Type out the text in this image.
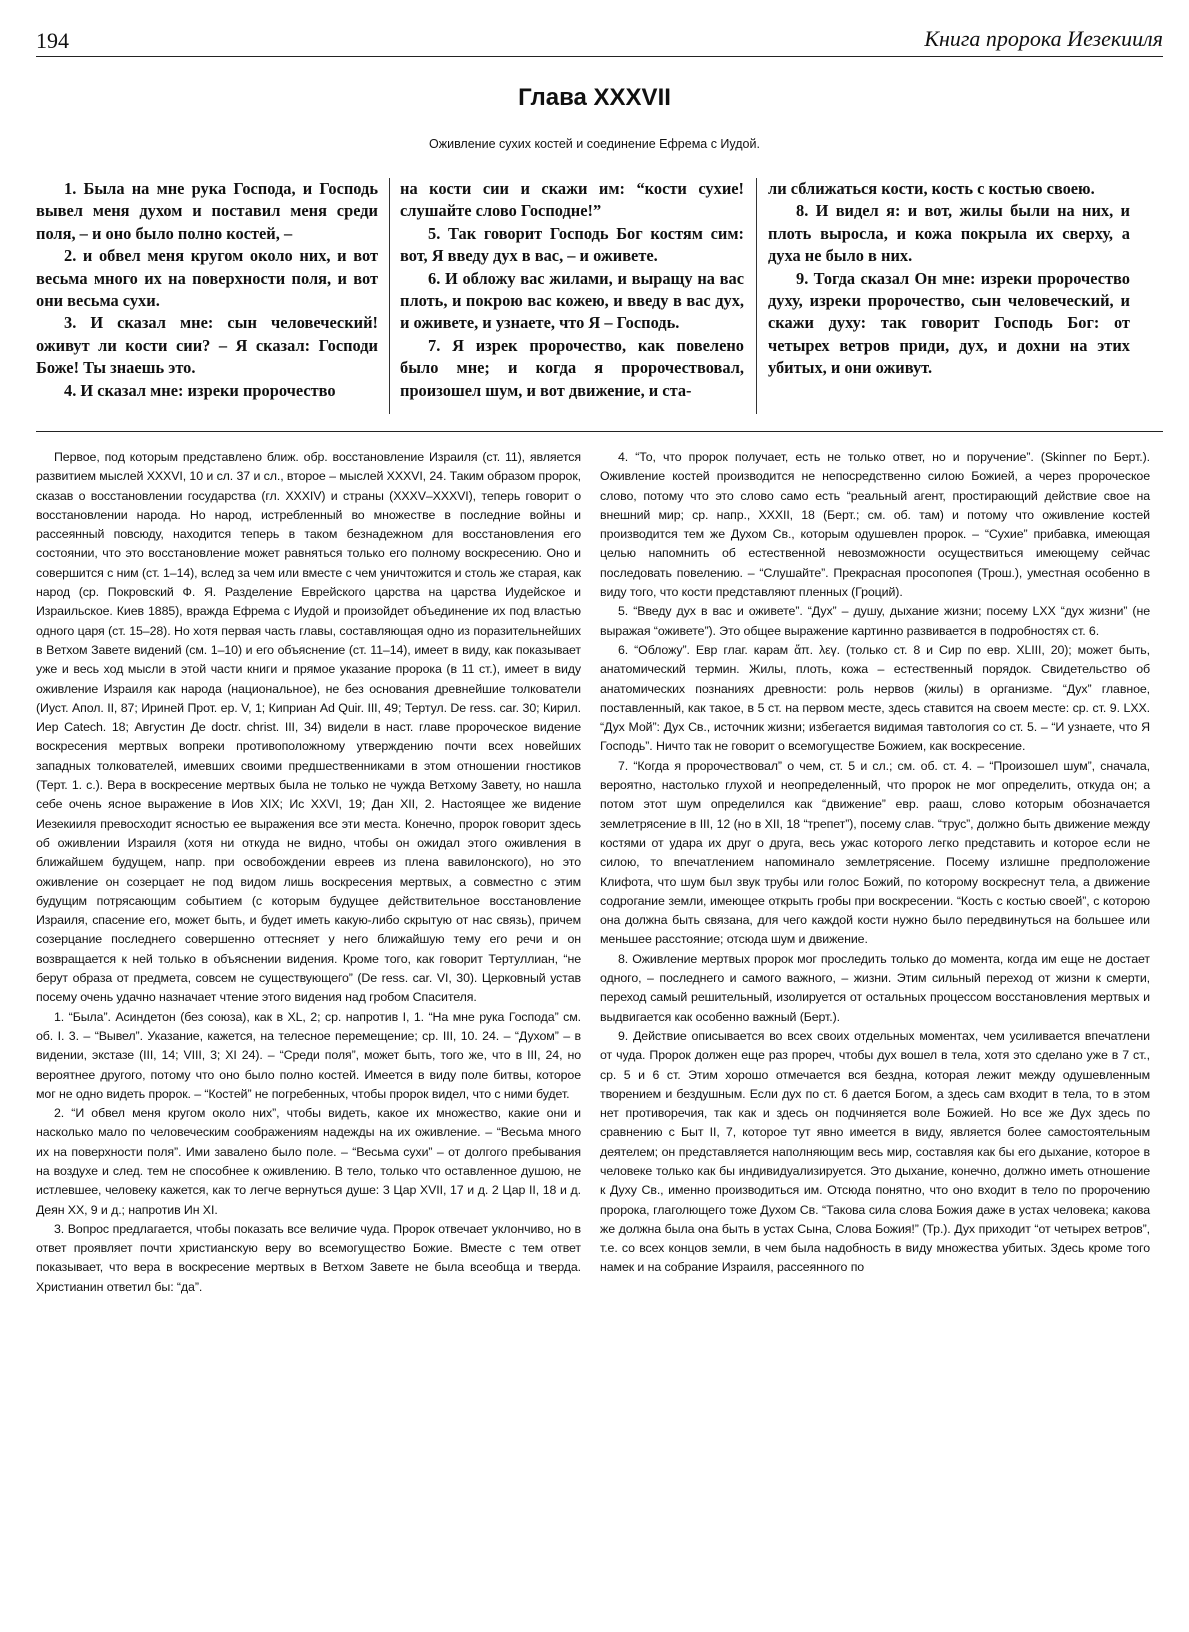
194	Книга пророка Иезекииля
Глава XXXVII
Оживление сухих костей и соединение Ефрема с Иудой.

1. Была на мне рука Господа, и Господь вывел меня духом и поставил меня среди поля, – и оно было полно костей, –

2. и обвел меня кругом около них, и вот весьма много их на поверхности поля, и вот они весьма сухи.

3. И сказал мне: сын человеческий! оживут ли кости сии? – Я сказал: Господи Боже! Ты знаешь это.

4. И сказал мне: изреки пророчество

на кости сии и скажи им: “кости сухие! слушайте слово Господне!”

5. Так говорит Господь Бог костям сим: вот, Я введу дух в вас, – и оживете.

6. И обложу вас жилами, и выращу на вас плоть, и покрою вас кожею, и введу в вас дух, и оживете, и узнаете, что Я – Господь.

7. Я изрек пророчество, как повелено было мне; и когда я пророчествовал, произошел шум, и вот движение, и ста-

ли сближаться кости, кость с костью своею.

8. И видел я: и вот, жилы были на них, и плоть выросла, и кожа покрыла их сверху, а духа не было в них.

9. Тогда сказал Он мне: изреки пророчество духу, изреки пророчество, сын человеческий, и скажи духу: так говорит Господь Бог: от четырех ветров приди, дух, и дохни на этих убитых, и они оживут.

Первое, под которым представлено ближ. обр. восстановление Израиля (ст. 11), является развитием мыслей XXXVI, 10 и сл. 37 и сл., второе – мыслей XXXVI, 24. Таким образом пророк, сказав о восстановлении государства (гл. XXXIV) и страны (XXXV–XXXVI), теперь говорит о восстановлении народа. Но народ, истребленный во множестве в последние войны и рассеянный повсюду, находится теперь в таком безнадежном для восстановления его состоянии, что это восстановление может равняться только его полному воскресению. Оно и совершится с ним (ст. 1–14), вслед за чем или вместе с чем уничтожится и столь же старая, как народ (ср. Покровский Ф. Я. Разделение Еврейского царства на царства Иудейское и Израильское. Киев 1885), вражда Ефрема с Иудой и произойдет объединение их под властью одного царя (ст. 15–28). Но хотя первая часть главы, составляющая одно из поразительнейших в Ветхом Завете видений (см. 1–10) и его объяснение (ст. 11–14), имеет в виду, как показывает уже и весь ход мысли в этой части книги и прямое указание пророка (в 11 ст.), имеет в виду оживление Израиля как народа (национальное), не без основания древнейшие толкователи (Иуст. Апол. II, 87; Ириней Прот. ер. V, 1; Киприан Ad Quir. III, 49; Тертул. De ress. car. 30; Кирил. Иер Catech. 18; Августин Де doctr. christ. III, 34) видели в наст. главе пророческое видение воскресения мертвых вопреки противоположному утверждению почти всех новейших западных толкователей, имевших своими предшественниками в этом отношении гностиков (Терт. 1. с.). Вера в воскресение мертвых была не только не чужда Ветхому Завету, но нашла себе очень ясное выражение в Иов XIX; Ис XXVI, 19; Дан XII, 2. Настоящее же видение Иезекииля превосходит ясностью ее выражения все эти места. Конечно, пророк говорит здесь об оживлении Израиля (хотя ни откуда не видно, чтобы он ожидал этого оживления в ближайшем будущем, напр. при освобождении евреев из плена вавилонского), но это оживление он созерцает не под видом лишь воскресения мертвых, а совместно с этим будущим потрясающим событием (с которым будущее действительное восстановление Израиля, спасение его, может быть, и будет иметь какую-либо скрытую от нас связь), причем созерцание последнего совершенно оттесняет у него ближайшую тему его речи и он возвращается к ней только в объяснении видения. Кроме того, как говорит Тертуллиан, “не берут образа от предмета, совсем не существующего” (De ress. car. VI, 30). Церковный устав посему очень удачно назначает чтение этого видения над гробом Спасителя.

1. “Была”. Асиндетон (без союза), как в XL, 2; ср. напротив I, 1. “На мне рука Господа” см. об. I. 3. – “Вывел”. Указание, кажется, на телесное перемещение; ср. III, 10. 24. – “Духом” – в видении, экстазе (III, 14; VIII, 3; XI 24). – “Среди поля”, может быть, того же, что в III, 24, но вероятнее другого, потому что оно было полно костей. Имеется в виду поле битвы, которое мог не одно видеть пророк. – “Костей” не погребенных, чтобы пророк видел, что с ними будет.

2. “И обвел меня кругом около них”, чтобы видеть, какое их множество, какие они и насколько мало по человеческим соображениям надежды на их оживление. – “Весьма много их на поверхности поля”. Ими завалено было поле. – “Весьма сухи” – от долгого пребывания на воздухе и след. тем не способнее к оживлению. В тело, только что оставленное душою, не истлевшее, человеку кажется, как то легче вернуться душе: 3 Цар XVII, 17 и д. 2 Цар II, 18 и д. Деян XX, 9 и д.; напротив Ин XI.

3. Вопрос предлагается, чтобы показать все величие чуда. Пророк отвечает уклончиво, но в ответ проявляет почти христианскую веру во всемогущество Божие. Вместе с тем ответ показывает, что вера в воскресение мертвых в Ветхом Завете не была всеобща и тверда. Христианин ответил бы: “да”.

4. “То, что пророк получает, есть не только ответ, но и поручение”. (Skinner по Берт.). Оживление костей производится не непосредственно силою Божией, а через пророческое слово, потому что это слово само есть “реальный агент, простирающий действие свое на внешний мир; ср. напр., XXXII, 18 (Берт.; см. об. там) и потому что оживление костей производится тем же Духом Св., которым одушевлен пророк. – “Сухие” прибавка, имеющая целью напомнить об естественной невозможности осуществиться имеющему сейчас последовать повелению. – “Слушайте”. Прекрасная просопопея (Трош.), уместная особенно в виду того, что кости представляют пленных (Гроций).

5. “Введу дух в вас и оживете”. “Дух” – душу, дыхание жизни; посему LXX “дух жизни” (не выражая “оживете”). Это общее выражение картинно развивается в подробностях ст. 6.

6. “Обложу”. Евр глаг. карам ἅπ. λεγ. (только ст. 8 и Сир по евр. XLIII, 20); может быть, анатомический термин. Жилы, плоть, кожа – естественный порядок. Свидетельство об анатомических познаниях древности: роль нервов (жилы) в организме. “Дух” главное, поставленный, как такое, в 5 ст. на первом месте, здесь ставится на своем месте: ср. ст. 9. LXX. “Дух Мой”: Дух Св., источник жизни; избегается видимая тавтология со ст. 5. – “И узнаете, что Я Господь”. Ничто так не говорит о всемогуществе Божием, как воскресение.

7. “Когда я пророчествовал” о чем, ст. 5 и сл.; см. об. ст. 4. – “Произошел шум”, сначала, вероятно, настолько глухой и неопределенный, что пророк не мог определить, откуда он; а потом этот шум определился как “движение” евр. рааш, слово которым обозначается землетрясение в III, 12 (но в XII, 18 “трепет”), посему слав. “трус”, должно быть движение между костями от удара их друг о друга, весь ужас которого легко представить и которое если не силою, то впечатлением напоминало землетрясение. Посему излишне предположение Клифота, что шум был звук трубы или голос Божий, по которому воскреснут тела, а движение содрогание земли, имеющее открыть гробы при воскресении. “Кость с костью своей”, с которою она должна быть связана, для чего каждой кости нужно было передвинуться на большее или меньшее расстояние; отсюда шум и движение.

8. Оживление мертвых пророк мог проследить только до момента, когда им еще не достает одного, – последнего и самого важного, – жизни. Этим сильный переход от жизни к смерти, переход самый решительный, изолируется от остальных процессом восстановления мертвых и выдвигается как особенно важный (Берт.).

9. Действие описывается во всех своих отдельных моментах, чем усиливается впечатлени от чуда. Пророк должен еще раз прореч, чтобы дух вошел в тела, хотя это сделано уже в 7 ст., ср. 5 и 6 ст. Этим хорошо отмечается вся бездна, которая лежит между одушевленным творением и бездушным. Если дух по ст. 6 дается Богом, а здесь сам входит в тела, то в этом нет противоречия, так как и здесь он подчиняется воле Божией. Но все же Дух здесь по сравнению с Быт II, 7, которое тут явно имеется в виду, является более самостоятельным деятелем; он представляется наполняющим весь мир, составляя как бы его дыхание, которое в человеке только как бы индивидуализируется. Это дыхание, конечно, должно иметь отношение к Духу Св., именно производиться им. Отсюда понятно, что оно входит в тело по пророчению пророка, глаголющего тоже Духом Св. “Такова сила слова Божия даже в устах человека; какова же должна была она быть в устах Сына, Слова Божия!” (Тр.). Дух приходит “от четырех ветров”, т.е. со всех концов земли, в чем была надобность в виду множества убитых. Здесь кроме того намек и на собрание Израиля, рассеянного по
